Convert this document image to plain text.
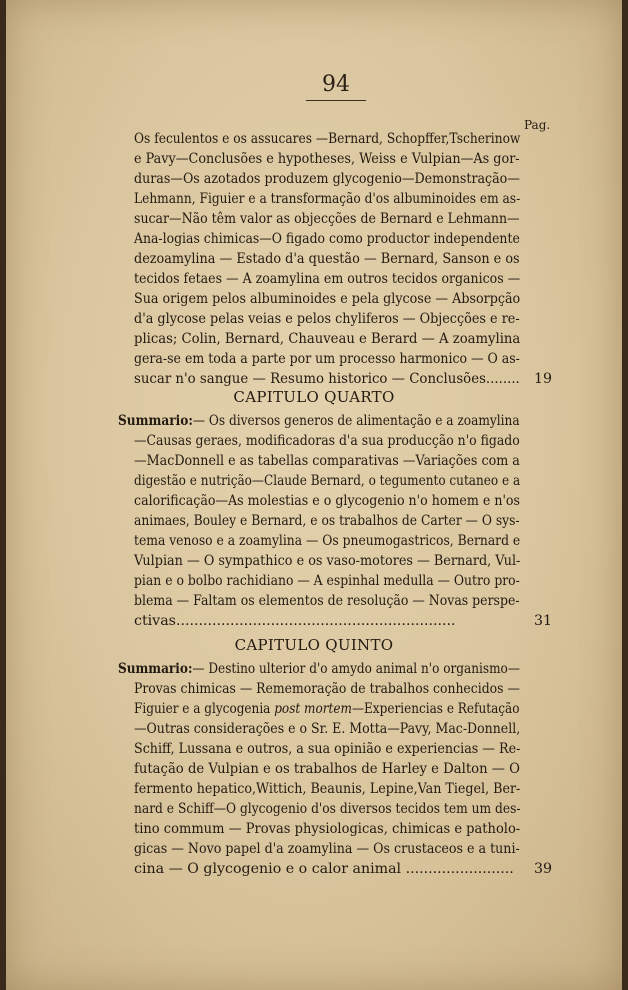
94
Pag.
Os feculentos e os assucares —Bernard, Schopffer,Tscherinow
e Pavy—Conclusões e hypotheses, Weiss e Vulpian—As gor-
duras—Os azotados produzem glycogenio—Demonstração—
Lehmann, Figuier e a transformação d'os albuminoides em as-
sucar—Não têm valor as objecções de Bernard e Lehmann—
Ana-logias chimicas—O figado como productor independente
dezoamylina — Estado d'a questão — Bernard, Sanson e os
tecidos fetaes — A zoamylina em outros tecidos organicos —
Sua origem pelos albuminoides e pela glycose — Absorpção
d'a glycose pelas veias e pelos chyliferos — Objecções e re-
plicas; Colin, Bernard, Chauveau e Berard — A zoamylina
gera-se em toda a parte por um processo harmonico — O as-
sucar n'o sangue — Resumo historico — Conclusões........ 19
CAPITULO QUARTO
Summario:— Os diversos generos de alimentação e a zoamylina
—Causas geraes, modificadoras d'a sua producção n'o figado
—MacDonnell e as tabellas comparativas —Variações com a
digestão e nutrição—Claude Bernard, o tegumento cutaneo e a
calorificação—As molestias e o glycogenio n'o homem e n'os
animaes, Bouley e Bernard, e os trabalhos de Carter — O sys-
tema venoso e a zoamylina — Os pneumogastricos, Bernard e
Vulpian — O sympathico e os vaso-motores — Bernard, Vul-
pian e o bolbo rachidiano — A espinhal medulla — Outro pro-
blema — Faltam os elementos de resolução — Novas perspe-
ctivas..............................................................	31
CAPITULO QUINTO
Summario:— Destino ulterior d'o amydo animal n'o organismo—
Provas chimicas — Rememoração de trabalhos conhecidos —
Figuier e a glycogenia post mortem—Experiencias e Refutação
—Outras considerações e o Sr. E. Motta—Pavy, Mac-Donnell,
Schiff, Lussana e outros, a sua opinião e experiencias — Re-
futação de Vulpian e os trabalhos de Harley e Dalton — O
fermento hepatico,Wittich, Beaunis, Lepine,Van Tiegel, Ber-
nard e Schiff—O glycogenio d'os diversos tecidos tem um des-
tino commum — Provas physiologicas, chimicas e patholo-
gicas — Novo papel d'a zoamylina — Os crustaceos e a tuni-
cina — O glycogenio e o calor animal ........................ 39
